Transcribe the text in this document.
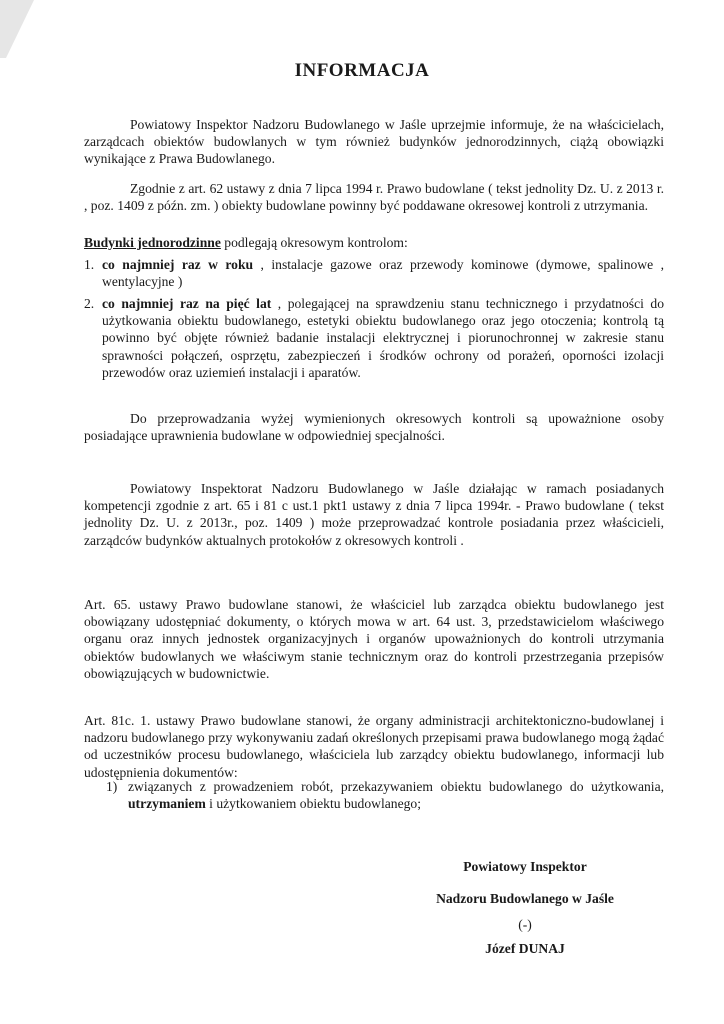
INFORMACJA

Powiatowy Inspektor Nadzoru Budowlanego w Jaśle uprzejmie informuje, że na właścicielach, zarządcach obiektów budowlanych w tym również budynków jednorodzinnych, ciążą obowiązki wynikające z Prawa Budowlanego.

Zgodnie z art. 62 ustawy z dnia 7 lipca 1994 r. Prawo budowlane ( tekst jednolity Dz. U. z 2013 r. , poz. 1409 z późn. zm. ) obiekty budowlane powinny być poddawane okresowej kontroli z utrzymania.

Budynki jednorodzinne podlegają okresowym kontrolom:

1. co najmniej raz w roku , instalacje gazowe oraz przewody kominowe (dymowe, spalinowe , wentylacyjne )

2. co najmniej raz na pięć lat , polegającej na sprawdzeniu stanu technicznego i przydatności do użytkowania obiektu budowlanego, estetyki obiektu budowlanego oraz jego otoczenia; kontrolą tą powinno być objęte również badanie instalacji elektrycznej i piorunochronnej w zakresie stanu sprawności połączeń, osprzętu, zabezpieczeń i środków ochrony od porażeń, oporności izolacji przewodów oraz uziemień instalacji i aparatów.

Do przeprowadzania wyżej wymienionych okresowych kontroli są upoważnione osoby posiadające uprawnienia budowlane w odpowiedniej specjalności.

Powiatowy Inspektorat Nadzoru Budowlanego w Jaśle działając w ramach posiadanych kompetencji zgodnie z art. 65 i 81 c ust.1 pkt1 ustawy z dnia 7 lipca 1994r. - Prawo budowlane ( tekst jednolity Dz. U. z 2013r., poz. 1409 ) może przeprowadzać kontrole posiadania przez właścicieli, zarządców budynków aktualnych protokołów z okresowych kontroli .

Art. 65. ustawy Prawo budowlane stanowi, że właściciel lub zarządca obiektu budowlanego jest obowiązany udostępniać dokumenty, o których mowa w art. 64 ust. 3, przedstawicielom właściwego organu oraz innych jednostek organizacyjnych i organów upoważnionych do kontroli utrzymania obiektów budowlanych we właściwym stanie technicznym oraz do kontroli przestrzegania przepisów obowiązujących w budownictwie.

Art. 81c. 1. ustawy Prawo budowlane stanowi, że organy administracji architektoniczno-budowlanej i nadzoru budowlanego przy wykonywaniu zadań określonych przepisami prawa budowlanego mogą żądać od uczestników procesu budowlanego, właściciela lub zarządcy obiektu budowlanego, informacji lub udostępnienia dokumentów:

1) związanych z prowadzeniem robót, przekazywaniem obiektu budowlanego do użytkowania, utrzymaniem i użytkowaniem obiektu budowlanego;

Powiatowy Inspektor
Nadzoru Budowlanego w Jaśle
(-)
Józef DUNAJ
